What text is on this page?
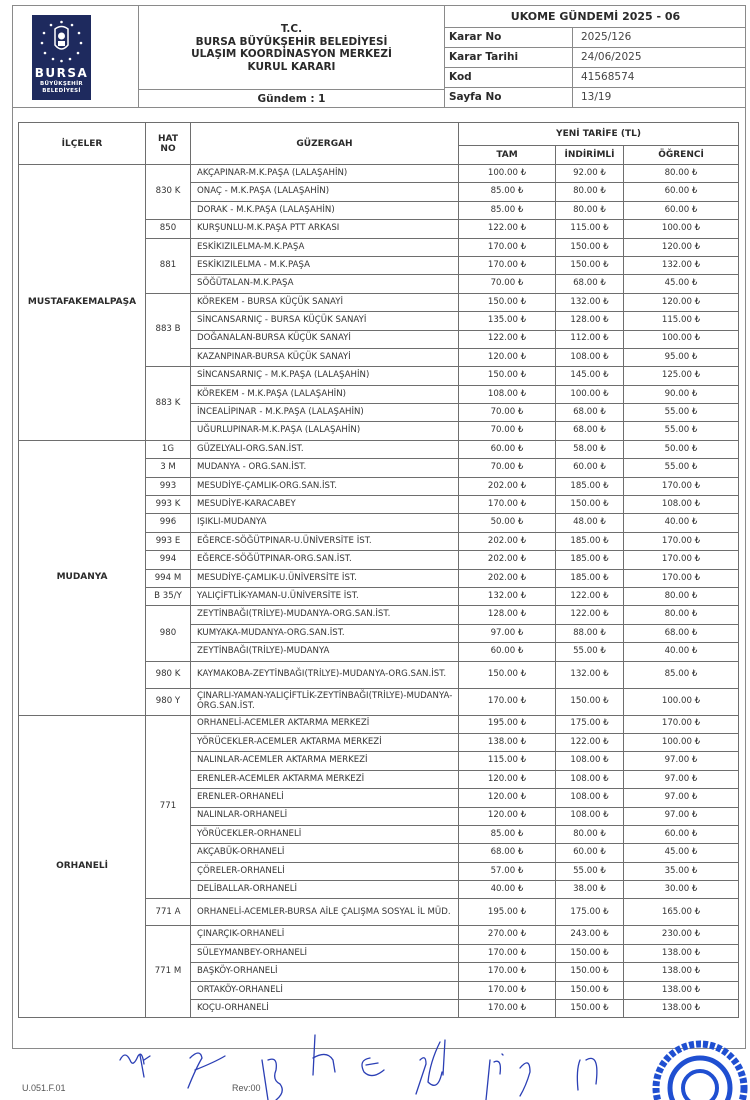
BURSA
BÜYÜKŞEHİR
BELEDİYESİ
T.C.
BURSA BÜYÜKŞEHİR BELEDİYESİ
ULAŞIM KOORDİNASYON MERKEZİ
KURUL KARARI
Gündem : 1
UKOME GÜNDEMİ 2025 - 06
Karar No	2025/126
Karar Tarihi	24/06/2025
Kod	41568574
Sayfa No	13/19
İLÇELER	HAT NO	GÜZERGAH	YENİ TARİFE (TL)		
			TAM	İNDİRİMLİ	ÖĞRENCİ
MUSTAFAKEMALPAŞA	830 K	AKÇAPINAR-M.K.PAŞA (LALAŞAHİN)	100.00 ₺	92.00 ₺	80.00 ₺
		ONAÇ - M.K.PAŞA (LALAŞAHİN)	85.00 ₺	80.00 ₺	60.00 ₺
		DORAK - M.K.PAŞA (LALAŞAHİN)	85.00 ₺	80.00 ₺	60.00 ₺
	850	KURŞUNLU-M.K.PAŞA PTT ARKASI	122.00 ₺	115.00 ₺	100.00 ₺
	881	ESKİKIZILELMA-M.K.PAŞA	170.00 ₺	150.00 ₺	120.00 ₺
		ESKİKIZILELMA - M.K.PAŞA	170.00 ₺	150.00 ₺	132.00 ₺
		SÖĞÜTALAN-M.K.PAŞA	70.00 ₺	68.00 ₺	45.00 ₺
	883 B	KÖREKEM - BURSA KÜÇÜK SANAYİ	150.00 ₺	132.00 ₺	120.00 ₺
		SİNCANSARNIÇ - BURSA KÜÇÜK SANAYİ	135.00 ₺	128.00 ₺	115.00 ₺
		DOĞANALAN-BURSA KÜÇÜK SANAYİ	122.00 ₺	112.00 ₺	100.00 ₺
		KAZANPINAR-BURSA KÜÇÜK SANAYİ	120.00 ₺	108.00 ₺	95.00 ₺
	883 K	SİNCANSARNIÇ - M.K.PAŞA (LALAŞAHİN)	150.00 ₺	145.00 ₺	125.00 ₺
		KÖREKEM - M.K.PAŞA (LALAŞAHİN)	108.00 ₺	100.00 ₺	90.00 ₺
		İNCEALİPINAR - M.K.PAŞA (LALAŞAHİN)	70.00 ₺	68.00 ₺	55.00 ₺
		UĞURLUPINAR-M.K.PAŞA (LALAŞAHİN)	70.00 ₺	68.00 ₺	55.00 ₺
MUDANYA	1G	GÜZELYALI-ORG.SAN.İST.	60.00 ₺	58.00 ₺	50.00 ₺
	3 M	MUDANYA - ORG.SAN.İST.	70.00 ₺	60.00 ₺	55.00 ₺
	993	MESUDİYE-ÇAMLIK-ORG.SAN.İST.	202.00 ₺	185.00 ₺	170.00 ₺
	993 K	MESUDİYE-KARACABEY	170.00 ₺	150.00 ₺	108.00 ₺
	996	IŞIKLI-MUDANYA	50.00 ₺	48.00 ₺	40.00 ₺
	993 E	EĞERCE-SÖĞÜTPINAR-U.ÜNİVERSİTE İST.	202.00 ₺	185.00 ₺	170.00 ₺
	994	EĞERCE-SÖĞÜTPINAR-ORG.SAN.İST.	202.00 ₺	185.00 ₺	170.00 ₺
	994 M	MESUDİYE-ÇAMLIK-U.ÜNİVERSİTE İST.	202.00 ₺	185.00 ₺	170.00 ₺
	B 35/Y	YALIÇİFTLİK-YAMAN-U.ÜNİVERSİTE İST.	132.00 ₺	122.00 ₺	80.00 ₺
	980	ZEYTİNBAĞI(TRİLYE)-MUDANYA-ORG.SAN.İST.	128.00 ₺	122.00 ₺	80.00 ₺
		KUMYAKA-MUDANYA-ORG.SAN.İST.	97.00 ₺	88.00 ₺	68.00 ₺
		ZEYTİNBAĞI(TRİLYE)-MUDANYA	60.00 ₺	55.00 ₺	40.00 ₺
	980 K	KAYMAKOBA-ZEYTİNBAĞI(TRİLYE)-MUDANYA-ORG.SAN.İST.	150.00 ₺	132.00 ₺	85.00 ₺
	980 Y	ÇINARLI-YAMAN-YALIÇİFTLİK-ZEYTİNBAĞI(TRİLYE)-MUDANYA-ORG.SAN.İST.	170.00 ₺	150.00 ₺	100.00 ₺
ORHANELİ	771	ORHANELİ-ACEMLER AKTARMA MERKEZİ	195.00 ₺	175.00 ₺	170.00 ₺
		YÖRÜCEKLER-ACEMLER AKTARMA MERKEZİ	138.00 ₺	122.00 ₺	100.00 ₺
		NALINLAR-ACEMLER AKTARMA MERKEZİ	115.00 ₺	108.00 ₺	97.00 ₺
		ERENLER-ACEMLER AKTARMA MERKEZİ	120.00 ₺	108.00 ₺	97.00 ₺
		ERENLER-ORHANELİ	120.00 ₺	108.00 ₺	97.00 ₺
		NALINLAR-ORHANELİ	120.00 ₺	108.00 ₺	97.00 ₺
		YÖRÜCEKLER-ORHANELİ	85.00 ₺	80.00 ₺	60.00 ₺
		AKÇABÜK-ORHANELİ	68.00 ₺	60.00 ₺	45.00 ₺
		ÇÖRELER-ORHANELİ	57.00 ₺	55.00 ₺	35.00 ₺
		DELİBALLAR-ORHANELİ	40.00 ₺	38.00 ₺	30.00 ₺
	771 A	ORHANELİ-ACEMLER-BURSA AİLE ÇALIŞMA SOSYAL İL MÜD.	195.00 ₺	175.00 ₺	165.00 ₺
	771 M	ÇINARÇIK-ORHANELİ	270.00 ₺	243.00 ₺	230.00 ₺
		SÜLEYMANBEY-ORHANELİ	170.00 ₺	150.00 ₺	138.00 ₺
		BAŞKÖY-ORHANELİ	170.00 ₺	150.00 ₺	138.00 ₺
		ORTAKÖY-ORHANELİ	170.00 ₺	150.00 ₺	138.00 ₺
		KOÇU-ORHANELİ	170.00 ₺	150.00 ₺	138.00 ₺
U.051.F.01	Rev:00
